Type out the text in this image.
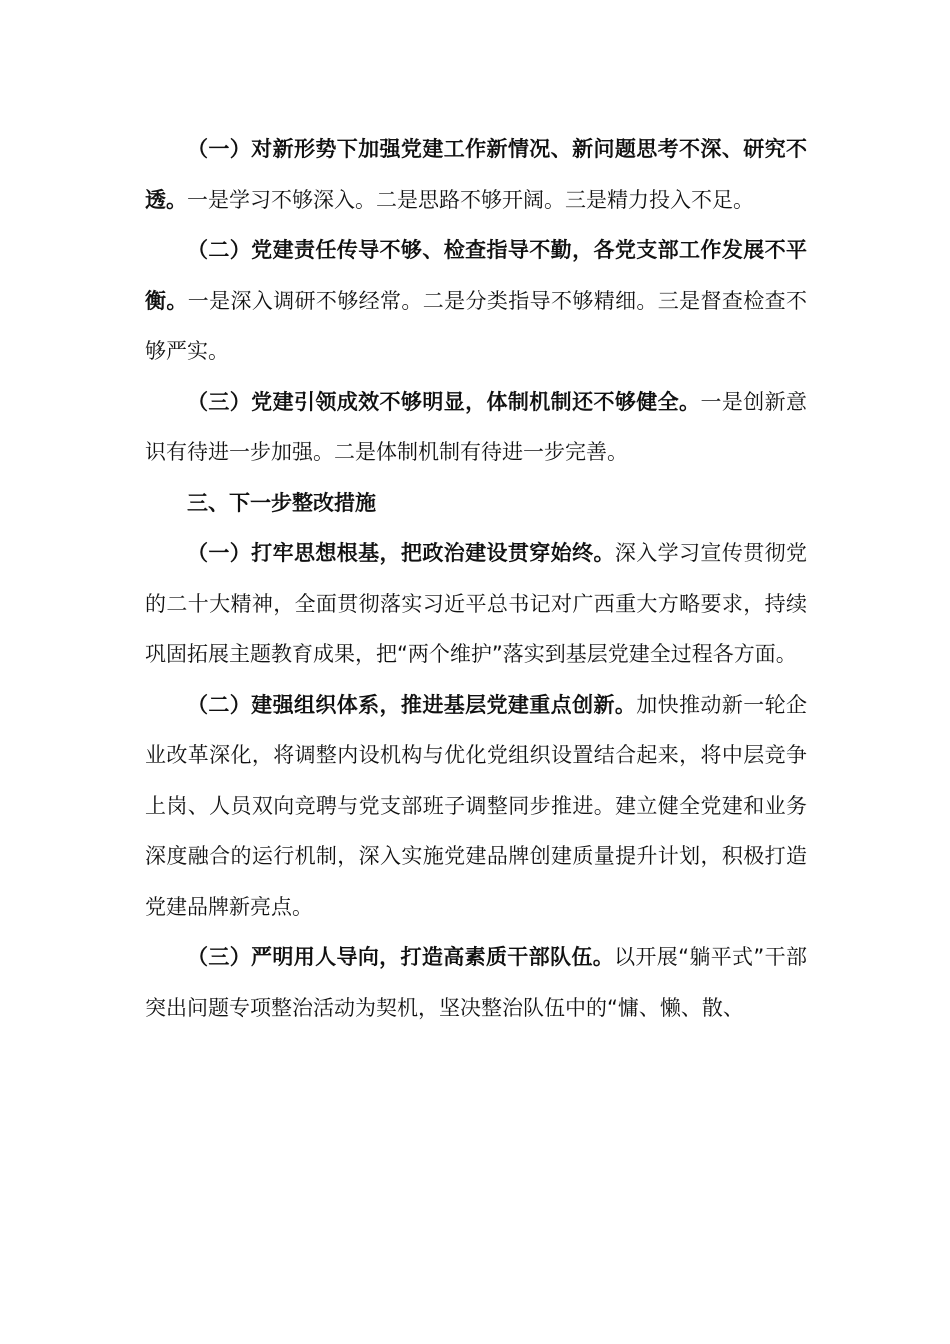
（一）对新形势下加强党建工作新情况、新问题思考不深、研究不透。一是学习不够深入。二是思路不够开阔。三是精力投入不足。

（二）党建责任传导不够、检查指导不勤，各党支部工作发展不平衡。一是深入调研不够经常。二是分类指导不够精细。三是督查检查不够严实。

（三）党建引领成效不够明显，体制机制还不够健全。一是创新意识有待进一步加强。二是体制机制有待进一步完善。

三、下一步整改措施

（一）打牢思想根基，把政治建设贯穿始终。深入学习宣传贯彻党的二十大精神，全面贯彻落实习近平总书记对广西重大方略要求，持续巩固拓展主题教育成果，把“两个维护”落实到基层党建全过程各方面。

（二）建强组织体系，推进基层党建重点创新。加快推动新一轮企业改革深化，将调整内设机构与优化党组织设置结合起来，将中层竞争上岗、人员双向竞聘与党支部班子调整同步推进。建立健全党建和业务深度融合的运行机制，深入实施党建品牌创建质量提升计划，积极打造党建品牌新亮点。

（三）严明用人导向，打造高素质干部队伍。以开展“躺平式”干部突出问题专项整治活动为契机，坚决整治队伍中的“慵、懒、散、
